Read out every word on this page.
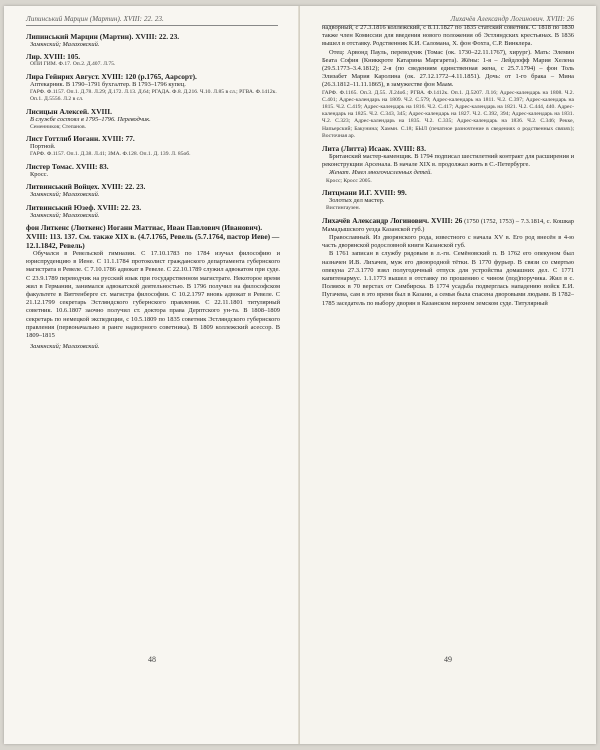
Липинський Марцин (Мартин). XVIII: 22. 23.
Липинський Марцин (Мартин). XVIII: 22. 23.
Замкнский; Малаховский.
Лир. XVIII: 105.
ОПИ ГИМ. Ф.17. Оп.2. Д.407. Л.75.
Лира Гейнрих Август. XVIII: 120 (р.1765, Аарсорт).
Аптекарник. В 1790–1791 бухгалтер. В 1793–1796 купец.
ГАРФ. Ф.1157. Оп.1. Д.78. Л.29; Д.172. Л.13. Д.64; РГАДА. Ф.8. Д.216. Ч.10. Л.85 в сл.; РГВА. Ф.1412к. Оп.1. Д.5556. Л.2 в сл.
Лисицын Алексей. XVIII.
В службе состоял в 1795–1796. Переводчик.
Семенников; Степанов.
Лист Готтлиб Иоганн. XVIII: 77.
Портной.
ГАРФ. Ф.1157. Оп.1. Д.38. Л.41; ЗМА. Ф.128. Оп.1. Д. 139. Л. 85об.
Листер Томас. XVIII: 83.
Кросс.
Литвинський Войцех. XVIII: 22. 23.
Замкнский; Малаховский.
Литвинський Юзеф. XVIII: 22. 23.
Замкнский; Малаховский.
фон Литкенс (Люткенс) Иоганн Маттиас, Иван Павлович (Иванович). XVIII: 113. 137. См. также XIX в. (4.7.1765, Ревель (5.7.1764, пастор Иеве) — 12.1.1842, Ревель)
Обучался в Ревельской гимназии. С 17.10.1783 по 1784 изучал философию и юриспруденцию в Иене. С 11.1.1784 протоколист гражданского департамента губернского магистрата в Ревеле. С 7.10.1786 адвокат в Ревеле. С 22.10.1789 служил адвокатом при суде. С 23.9.1789 переводчик на русский язык при государственном магистрате. Некоторое время жил в Германии, занимался адвокатской деятельностью. В 1796 получил на философском факультете в Виттенберге ст. магистра философии. С 10.2.1797 вновь адвокат в Ревеле. С 21.12.1799 секретарь Эстляндского губернского правления. С 22.11.1801 титулярный советник. 10.6.1807 заочно получил ст. доктора права Дерптского ун-та. В 1808–1809 секретарь по немецкой экспедиции, с 10.5.1809 по 1835 советник Эстляндского губернского правления (первоначально в ранге надворного советника). В 1809 коллежский асессор. В 1809–1815
Замкнский; Малаховский.
48
Лихачёв Александр Логинович. XVIII: 26
надворный, с 27.3.1816 коллежский, с 8.11.1827 по 1835 статский советник. С 1818 по 1830 также член Комиссии для введения нового положения об Эстляндских крестьянах. В 1836 вышел в отставку. Родственник К.И. Саломана, Х. фон Фохта, С.Р. Винклера.
Отец: Арвонд Пауль, переводчик (Томас (ок. 1730–22.11.1767), хирург). Мать: Элемин Беата София (Книккроте Катарина Маргарета). Жёны: 1-я – Лейдлофф Мария Хелена (29.5.1773–3.4.1812); 2-я (по сведениям единственная жена, с 25.7.1794) – фон Толь Элизабет Мария Каролина (ок. 27.12.1772–4.11.1851). Дочь: от 1-го брака – Мина (26.3.1812–11.11.1865), в замужестве фон Маам.
ГАРФ. Ф.1165. Оп.3. Д.55. Л.24об.; РГВА. Ф.1412к. Оп.1. Д.5207. Л.16; Адрес-календарь на 1808. Ч.2. С.401; Адрес-календарь на 1809. Ч.2. С.579; Адрес-календарь на 1811. Ч.2. С.397; Адрес-календарь на 1815. Ч.2. С.419; Адрес-календарь на 1816. Ч.2. С.417; Адрес-календарь на 1821. Ч.2. С.444, 440. Адрес-календарь на 1825. Ч.2. С.343, 345; Адрес-календарь на 1827. Ч.2. С.392, 394; Адрес-календарь на 1831. Ч.2. С.323; Адрес-календарь на 1835. Ч.2. С.335; Адрес-календарь на 1836. Ч.2. С.346; Рекке, Напьерский; Бакунина; Хаммн. С.18; БЫЛ (печатное разночтение в сведениях о родственных связях); Восточная ар.
Лита (Литта) Исаак. XVIII: 83.
Британский мастер-каменщик. В 1794 подписал шестилетний контракт для расширения и реконструкции Арсенала. В начале XIX в. продолжал жить в С.-Петербурге.
Женат. Имел многочисленных детей.
Кросс; Кросс 2005.
Литцмани И.Г. XVIII: 99.
Золотых дел мастер.
Вистингаузен.
Лихачёв Александр Логинович. XVIII: 26 (1750 (1752, 1753) – 7.3.1814, с. Кошкар Мамадышского уезда Казанской губ.)
Православный. Из дворянского рода, известного с начала XV в. Его род внесён в 4-ю часть дворянской родословной книги Казанской губ.
В 1761 записан в службу рядовым в л.-гв. Семёновский п. В 1762 его опекуном был назначен И.В. Лихачев, муж его двоюродной тётки. В 1770 фурьер. В связи со смертью опекуна 27.3.1770 взял полугодичный отпуск для устройства домашних дел. С 1771 капитенармус. 1.1.1773 вышел в отставку по прошению с чином (под)поручика. Жил в с. Поляяхк в 70 верстах от Симбирска. В 1774 усадьба подверглась нападению войск Е.И. Пугачева, сам в это время был в Казани, а семья была спасена дворовыми людьми. В 1782–1785 заседатель по выбору дворян в Казанском верхнем земском суде. Титулярный
49
